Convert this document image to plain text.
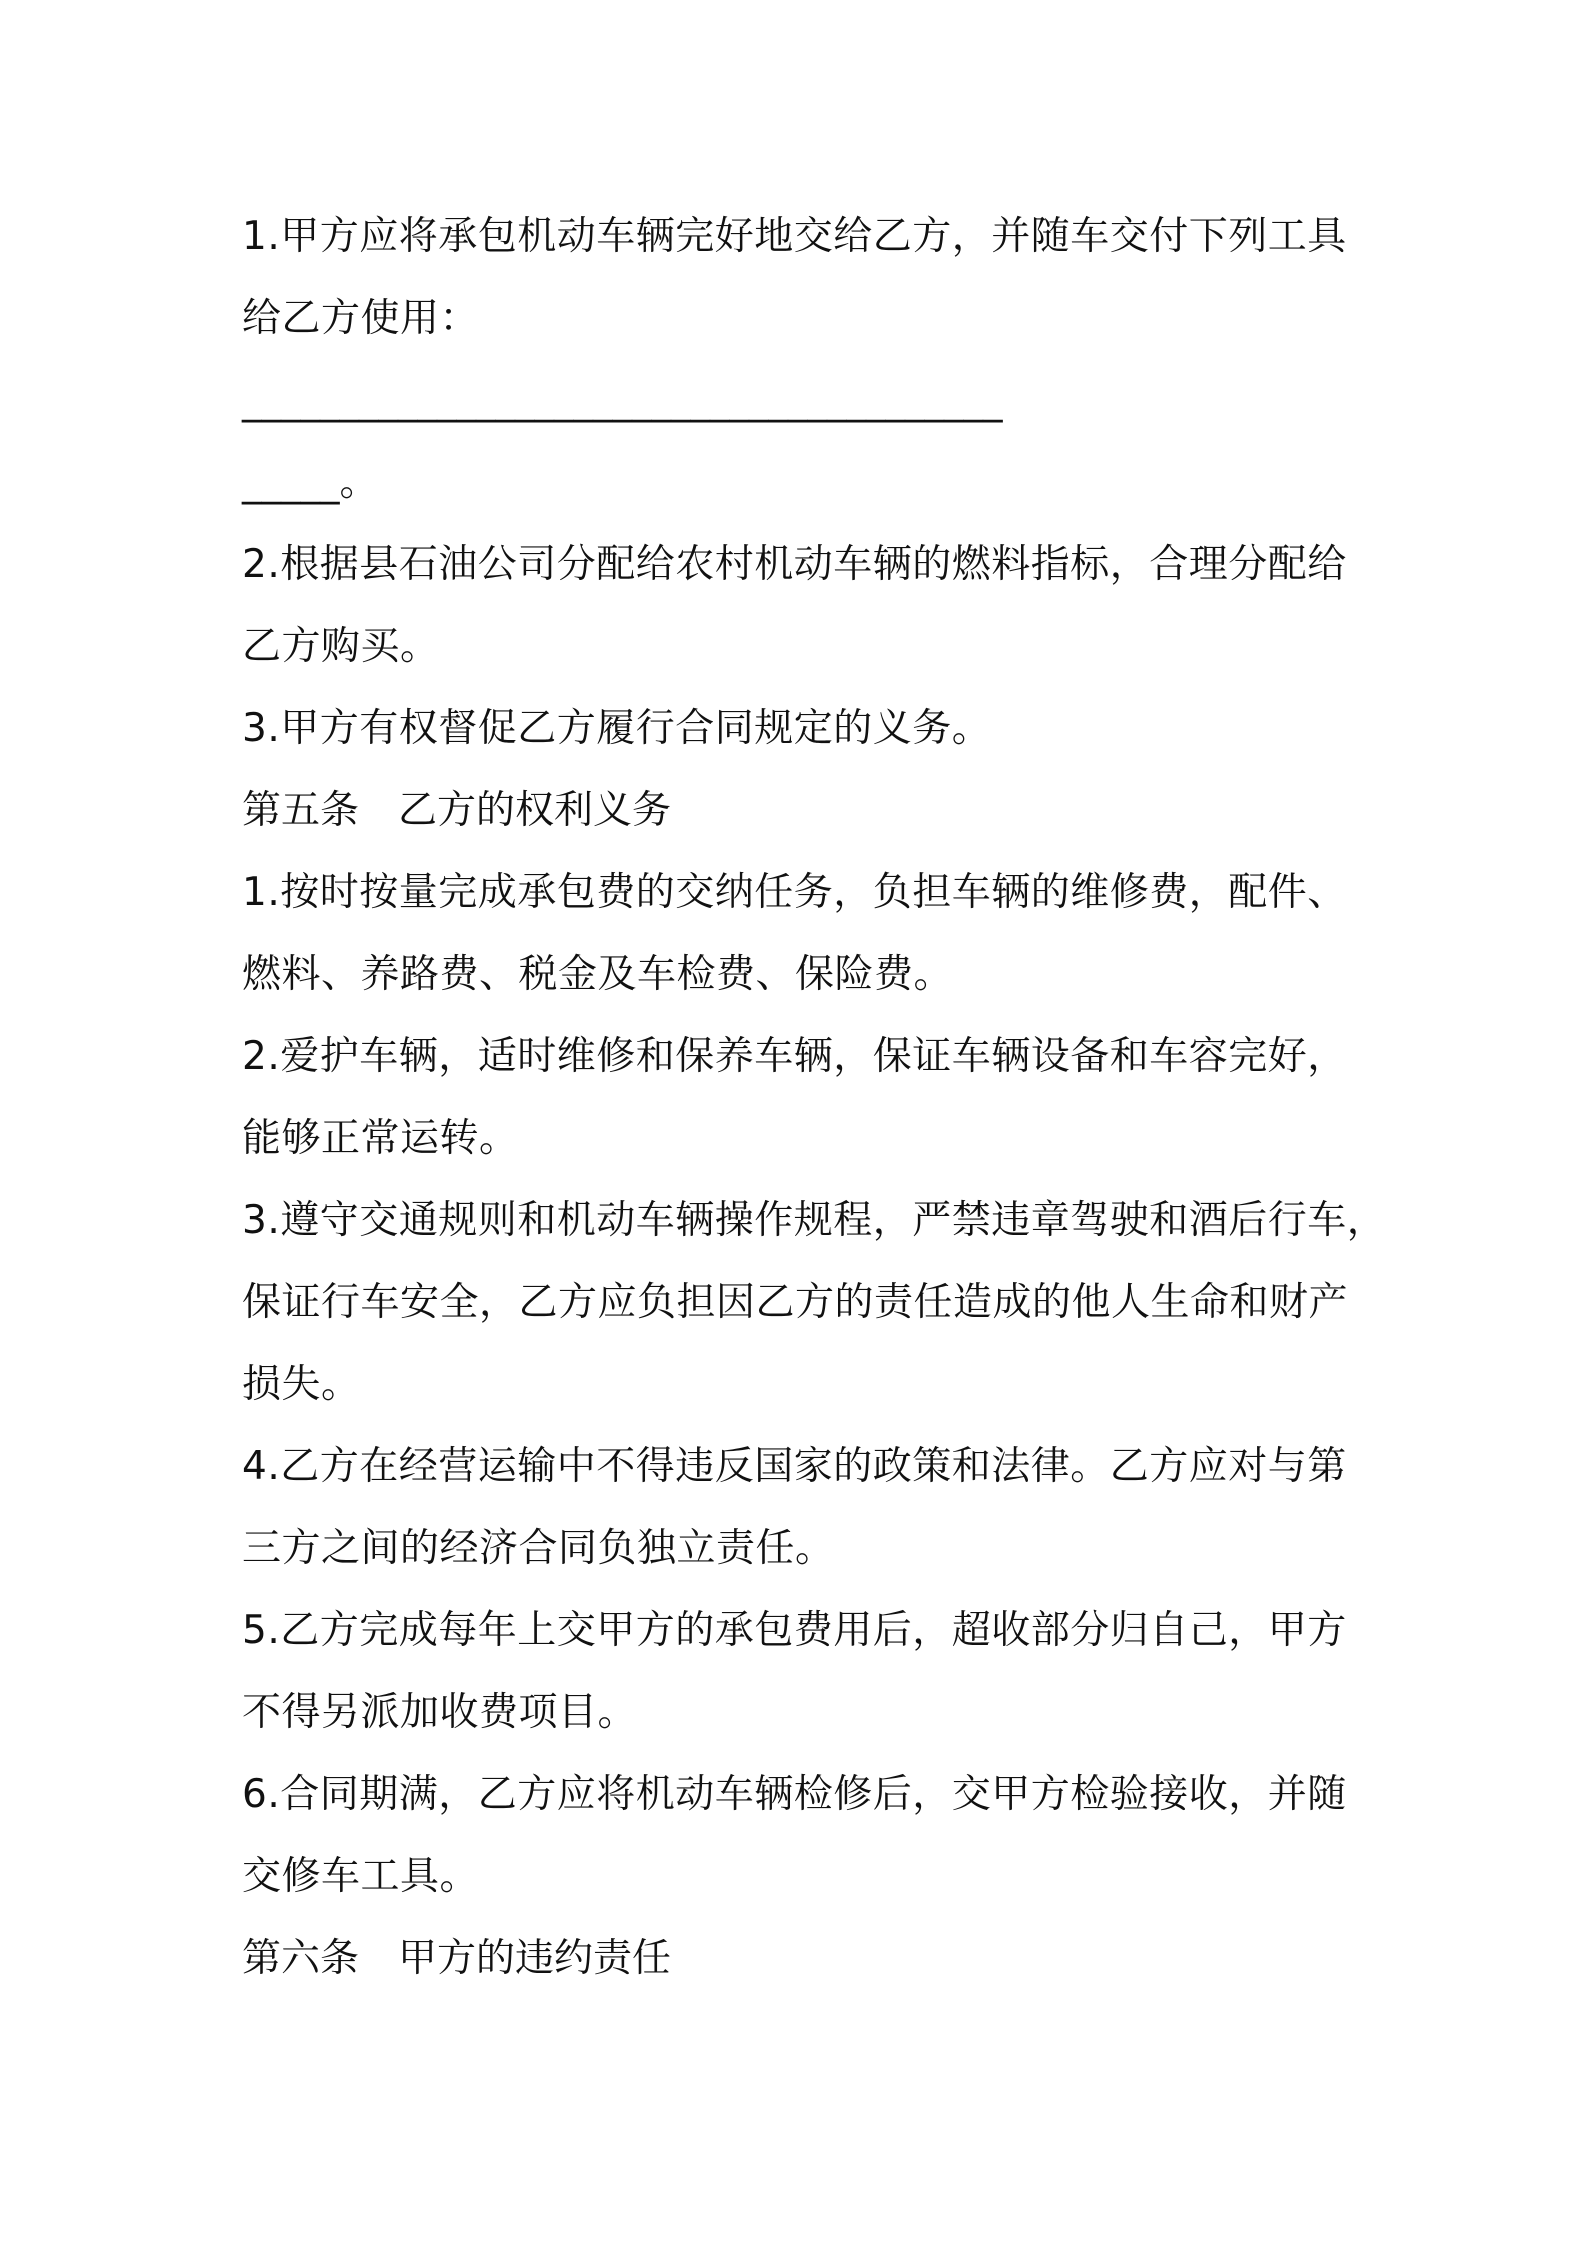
1.甲方应将承包机动车辆完好地交给乙方，并随车交付下列工具
给乙方使用：
_______________________________________
_____。
2.根据县石油公司分配给农村机动车辆的燃料指标，合理分配给
乙方购买。
3.甲方有权督促乙方履行合同规定的义务。
第五条　乙方的权利义务
1.按时按量完成承包费的交纳任务，负担车辆的维修费，配件、
燃料、养路费、税金及车检费、保险费。
2.爱护车辆，适时维修和保养车辆，保证车辆设备和车容完好，
能够正常运转。
3.遵守交通规则和机动车辆操作规程，严禁违章驾驶和酒后行车，
保证行车安全，乙方应负担因乙方的责任造成的他人生命和财产
损失。
4.乙方在经营运输中不得违反国家的政策和法律。乙方应对与第
三方之间的经济合同负独立责任。
5.乙方完成每年上交甲方的承包费用后，超收部分归自己，甲方
不得另派加收费项目。
6.合同期满，乙方应将机动车辆检修后，交甲方检验接收，并随
交修车工具。
第六条　甲方的违约责任
